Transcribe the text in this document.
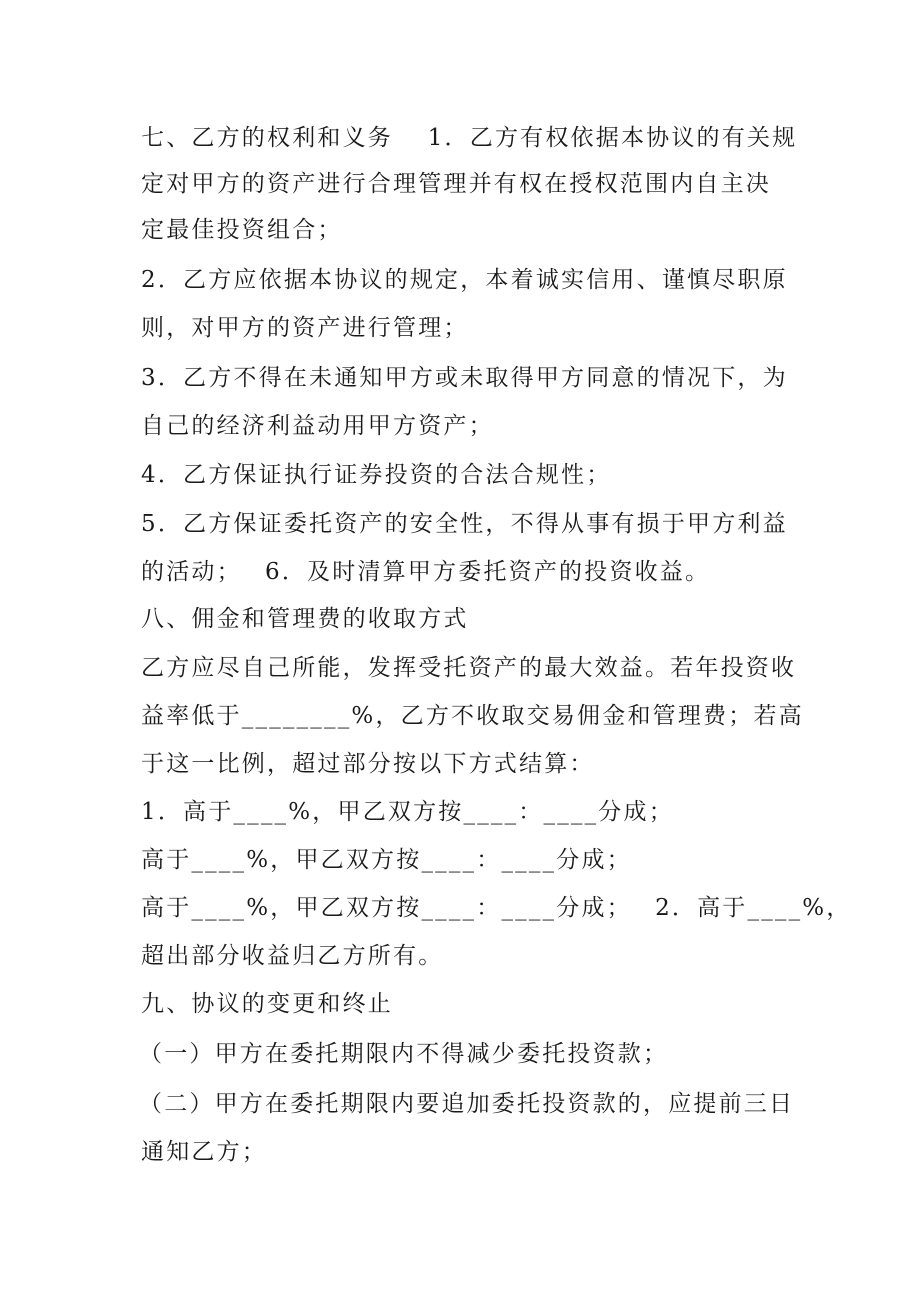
七、乙方的权利和义务　 1．乙方有权依据本协议的有关规
定对甲方的资产进行合理管理并有权在授权范围内自主决
定最佳投资组合；
2．乙方应依据本协议的规定，本着诚实信用、谨慎尽职原
则，对甲方的资产进行管理；
3．乙方不得在未通知甲方或未取得甲方同意的情况下，为
自己的经济利益动用甲方资产；
4．乙方保证执行证券投资的合法合规性；
5．乙方保证委托资产的安全性，不得从事有损于甲方利益
的活动；　 6．及时清算甲方委托资产的投资收益。
八、佣金和管理费的收取方式
乙方应尽自己所能，发挥受托资产的最大效益。若年投资收
益率低于________%，乙方不收取交易佣金和管理费；若高
于这一比例，超过部分按以下方式结算：
1．高于____%，甲乙双方按____：____分成；
高于____%，甲乙双方按____：____分成；
高于____%，甲乙双方按____：____分成；　 2．高于____%，
超出部分收益归乙方所有。
九、协议的变更和终止
（一）甲方在委托期限内不得减少委托投资款；
（二）甲方在委托期限内要追加委托投资款的，应提前三日
通知乙方；
